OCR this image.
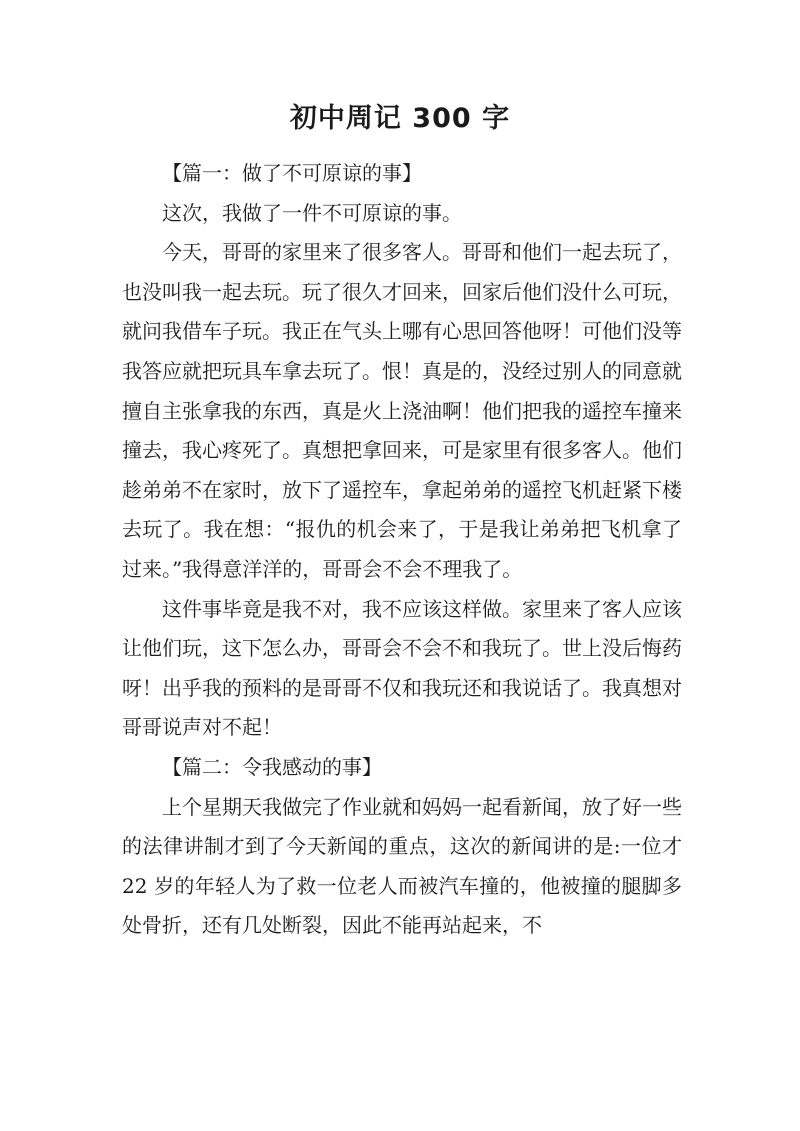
初中周记 300 字

【篇一：做了不可原谅的事】

这次，我做了一件不可原谅的事。

今天，哥哥的家里来了很多客人。哥哥和他们一起去玩了，也没叫我一起去玩。玩了很久才回来，回家后他们没什么可玩，就问我借车子玩。我正在气头上哪有心思回答他呀！可他们没等我答应就把玩具车拿去玩了。恨！真是的，没经过别人的同意就擅自主张拿我的东西，真是火上浇油啊！他们把我的遥控车撞来撞去，我心疼死了。真想把拿回来，可是家里有很多客人。他们趁弟弟不在家时，放下了遥控车，拿起弟弟的遥控飞机赶紧下楼去玩了。我在想：“报仇的机会来了，于是我让弟弟把飞机拿了过来。”我得意洋洋的，哥哥会不会不理我了。

这件事毕竟是我不对，我不应该这样做。家里来了客人应该让他们玩，这下怎么办，哥哥会不会不和我玩了。世上没后悔药呀！出乎我的预料的是哥哥不仅和我玩还和我说话了。我真想对哥哥说声对不起！

【篇二：令我感动的事】

上个星期天我做完了作业就和妈妈一起看新闻，放了好一些的法律讲制才到了今天新闻的重点，这次的新闻讲的是:一位才 22 岁的年轻人为了救一位老人而被汽车撞的，他被撞的腿脚多处骨折，还有几处断裂，因此不能再站起来，不
